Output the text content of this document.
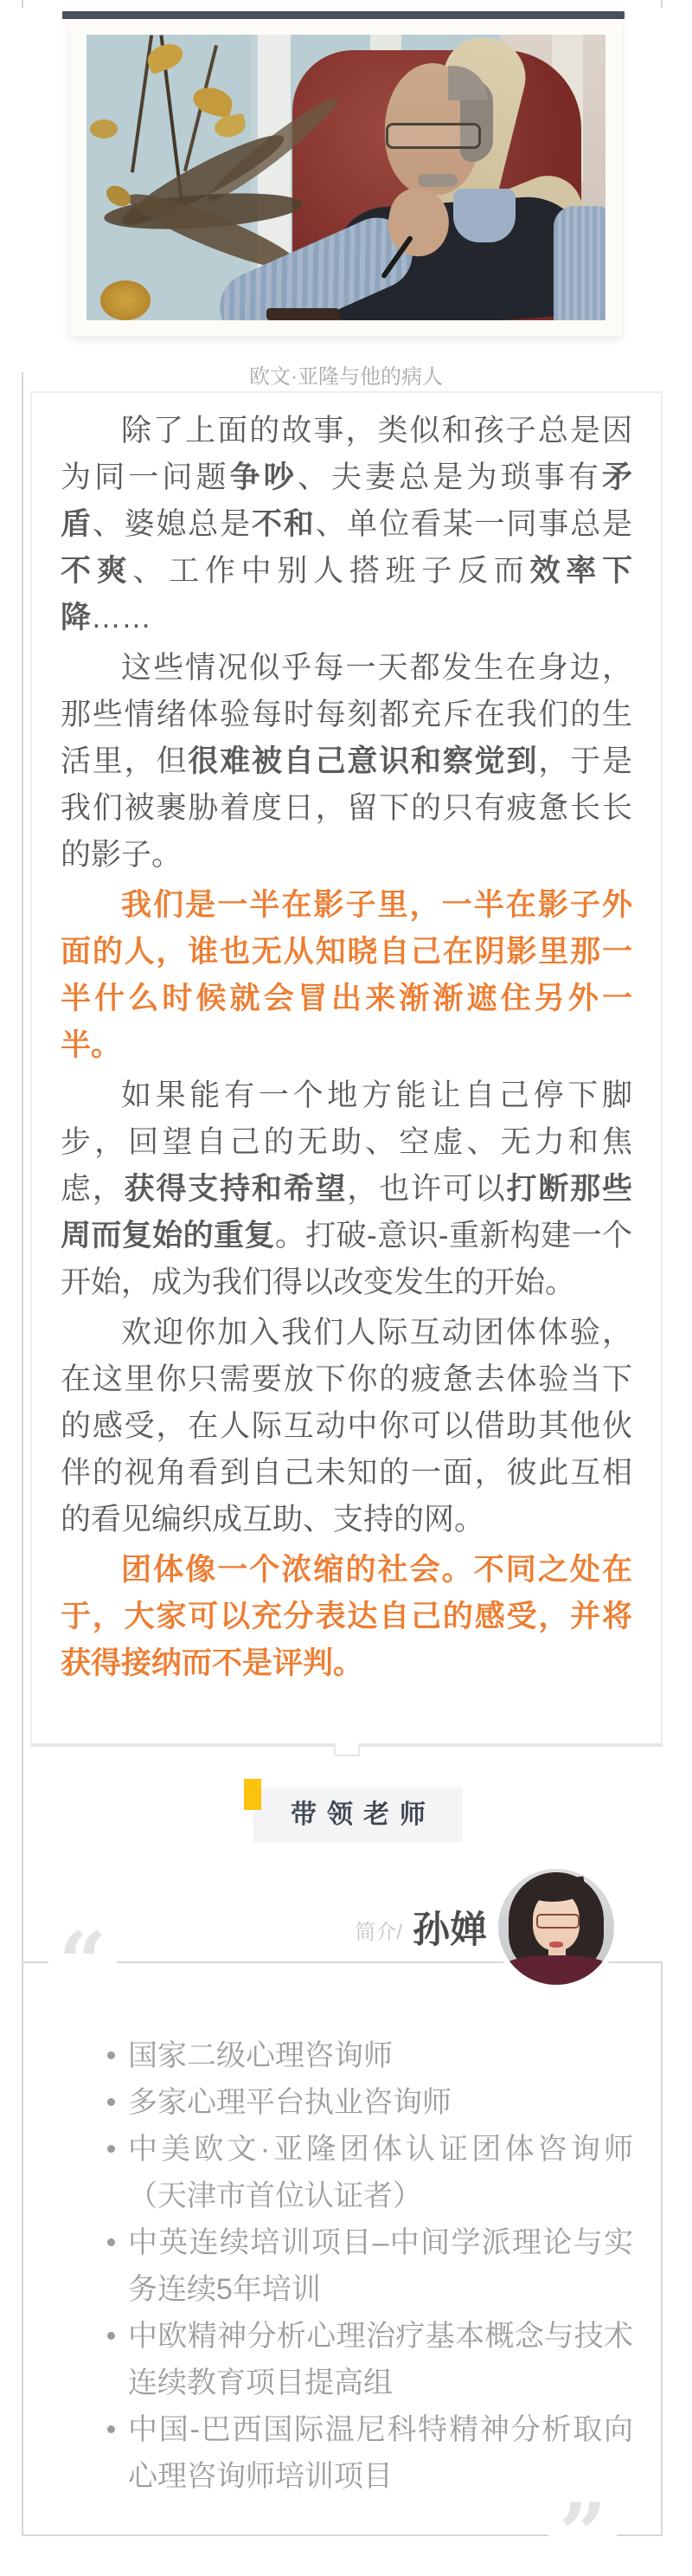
欧文·亚隆与他的病人

除了上面的故事，类似和孩子总是因为同一问题争吵、夫妻总是为琐事有矛盾、婆媳总是不和、单位看某一同事总是不爽、工作中别人搭班子反而效率下降……

这些情况似乎每一天都发生在身边，那些情绪体验每时每刻都充斥在我们的生活里，但很难被自己意识和察觉到，于是我们被裹胁着度日，留下的只有疲惫长长的影子。

我们是一半在影子里，一半在影子外面的人，谁也无从知晓自己在阴影里那一半什么时候就会冒出来渐渐遮住另外一半。

如果能有一个地方能让自己停下脚步，回望自己的无助、空虚、无力和焦虑，获得支持和希望，也许可以打断那些周而复始的重复。打破-意识-重新构建一个开始，成为我们得以改变发生的开始。

欢迎你加入我们人际互动团体体验，在这里你只需要放下你的疲惫去体验当下的感受，在人际互动中你可以借助其他伙伴的视角看到自己未知的一面，彼此互相的看见编织成互助、支持的网。

团体像一个浓缩的社会。不同之处在于，大家可以充分表达自己的感受，并将获得接纳而不是评判。

带领老师
简介/ 孙婵
“
”
国家二级心理咨询师
多家心理平台执业咨询师
中美欧文·亚隆团体认证团体咨询师（天津市首位认证者）
中英连续培训项目–中间学派理论与实务连续5年培训
中欧精神分析心理治疗基本概念与技术连续教育项目提高组
中国-巴西国际温尼科特精神分析取向心理咨询师培训项目
